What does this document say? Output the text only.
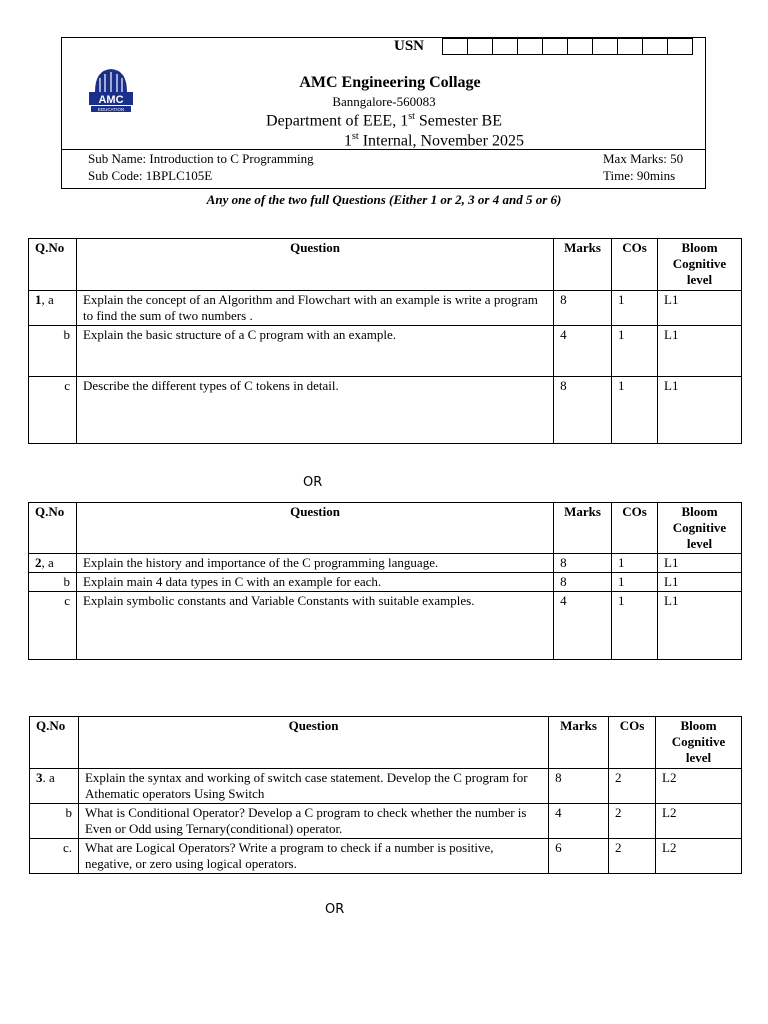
USN
AMC
EDUCATION
AMC Engineering Collage
Banngalore-560083
Department of EEE, 1st Semester BE
1st Internal, November 2025
Sub Name: Introduction to C Programming
Sub Code: 1BPLC105E
Max Marks: 50
Time: 90mins
Any one of the two full Questions (Either 1 or 2, 3 or 4 and 5 or 6)
Q.No	Question	Marks	COs	Bloom Cognitive level
1, a	Explain the concept of an Algorithm and Flowchart with an example is write a program to find the sum of two numbers .	8	1	L1
b	Explain the basic structure of a C program with an example.	4	1	L1
c	Describe the different types of C tokens in detail.	8	1	L1
OR
Q.No	Question	Marks	COs	Bloom Cognitive level
2, a	Explain the history and importance of the C programming language.	8	1	L1
b	Explain main 4 data types in C with an example for each.	8	1	L1
c	Explain symbolic constants and Variable Constants with suitable examples.	4	1	L1
Q.No	Question	Marks	COs	Bloom Cognitive level
3. a	Explain the syntax and working of switch case statement. Develop the C program for Athematic operators Using Switch	8	2	L2
b	What is Conditional Operator? Develop a C program to check whether the number is Even or Odd using Ternary(conditional) operator.	4	2	L2
c.	What are Logical Operators? Write a program to check if a number is positive, negative, or zero using logical operators.	6	2	L2
OR
